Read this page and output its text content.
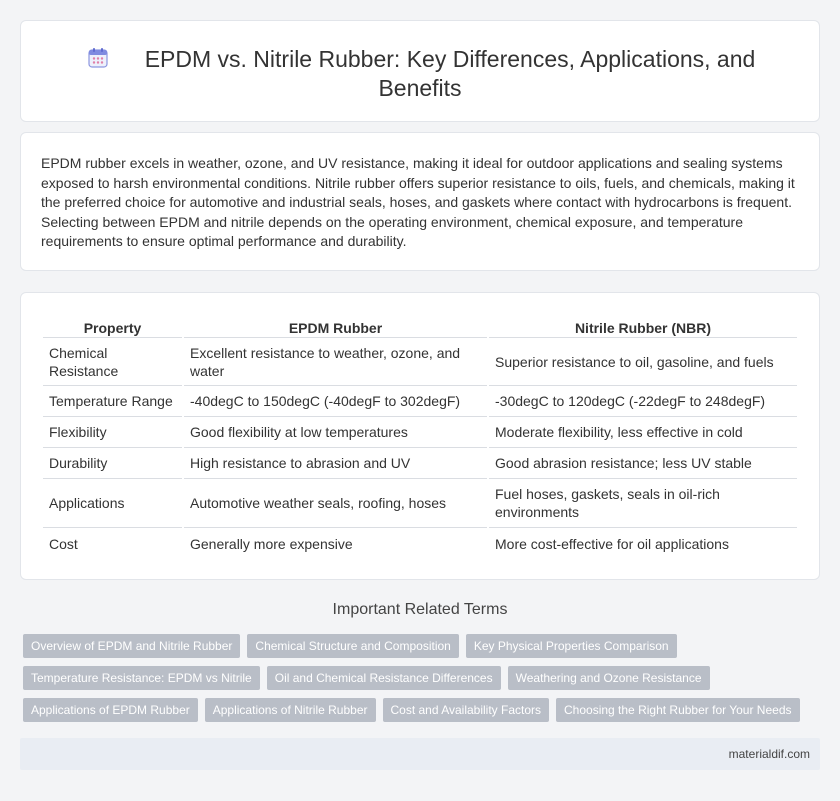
EPDM vs. Nitrile Rubber: Key Differences, Applications, and
Benefits

EPDM rubber excels in weather, ozone, and UV resistance, making it ideal for outdoor applications and sealing systems exposed to harsh environmental conditions. Nitrile rubber offers superior resistance to oils, fuels, and chemicals, making it the preferred choice for automotive and industrial seals, hoses, and gaskets where contact with hydrocarbons is frequent. Selecting between EPDM and nitrile depends on the operating environment, chemical exposure, and temperature requirements to ensure optimal performance and durability.

Property	EPDM Rubber	Nitrile Rubber (NBR)
Chemical Resistance	Excellent resistance to weather, ozone, and water	Superior resistance to oil, gasoline, and fuels
Temperature Range	-40degC to 150degC (-40degF to 302degF)	-30degC to 120degC (-22degF to 248degF)
Flexibility	Good flexibility at low temperatures	Moderate flexibility, less effective in cold
Durability	High resistance to abrasion and UV	Good abrasion resistance; less UV stable
Applications	Automotive weather seals, roofing, hoses	Fuel hoses, gaskets, seals in oil-rich environments
Cost	Generally more expensive	More cost-effective for oil applications
Important Related Terms
Overview of EPDM and Nitrile Rubber	Chemical Structure and Composition	Key Physical Properties Comparison
Temperature Resistance: EPDM vs Nitrile	Oil and Chemical Resistance Differences	Weathering and Ozone Resistance
Applications of EPDM Rubber	Applications of Nitrile Rubber	Cost and Availability Factors	Choosing the Right Rubber for Your Needs
materialdif.com
